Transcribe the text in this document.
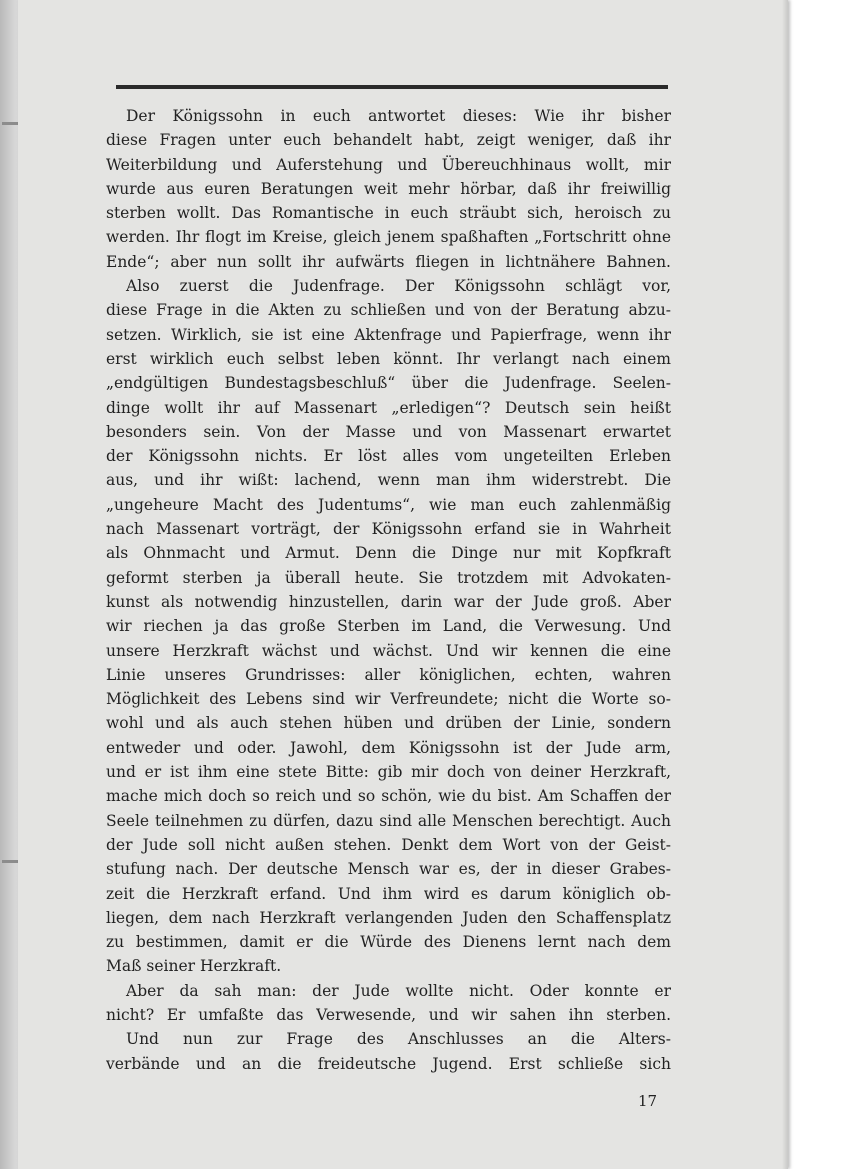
Der Königssohn in euch antwortet dieses: Wie ihr bisher
diese Fragen unter euch behandelt habt, zeigt weniger, daß ihr
Weiterbildung und Auferstehung und Übereuchhinaus wollt, mir
wurde aus euren Beratungen weit mehr hörbar, daß ihr freiwillig
sterben wollt. Das Romantische in euch sträubt sich, heroisch zu
werden. Ihr flogt im Kreise, gleich jenem spaßhaften „Fortschritt ohne
Ende“; aber nun sollt ihr aufwärts fliegen in lichtnähere Bahnen.
Also zuerst die Judenfrage. Der Königssohn schlägt vor,
diese Frage in die Akten zu schließen und von der Beratung abzu-
setzen. Wirklich, sie ist eine Aktenfrage und Papierfrage, wenn ihr
erst wirklich euch selbst leben könnt. Ihr verlangt nach einem
„endgültigen Bundestagsbeschluß“ über die Judenfrage. Seelen-
dinge wollt ihr auf Massenart „erledigen“? Deutsch sein heißt
besonders sein. Von der Masse und von Massenart erwartet
der Königssohn nichts. Er löst alles vom ungeteilten Erleben
aus, und ihr wißt: lachend, wenn man ihm widerstrebt. Die
„ungeheure Macht des Judentums“, wie man euch zahlenmäßig
nach Massenart vorträgt, der Königssohn erfand sie in Wahrheit
als Ohnmacht und Armut. Denn die Dinge nur mit Kopfkraft
geformt sterben ja überall heute. Sie trotzdem mit Advokaten-
kunst als notwendig hinzustellen, darin war der Jude groß. Aber
wir riechen ja das große Sterben im Land, die Verwesung. Und
unsere Herzkraft wächst und wächst. Und wir kennen die eine
Linie unseres Grundrisses: aller königlichen, echten, wahren
Möglichkeit des Lebens sind wir Verfreundete; nicht die Worte so-
wohl und als auch stehen hüben und drüben der Linie, sondern
entweder und oder. Jawohl, dem Königssohn ist der Jude arm,
und er ist ihm eine stete Bitte: gib mir doch von deiner Herzkraft,
mache mich doch so reich und so schön, wie du bist. Am Schaffen der
Seele teilnehmen zu dürfen, dazu sind alle Menschen berechtigt. Auch
der Jude soll nicht außen stehen. Denkt dem Wort von der Geist-
stufung nach. Der deutsche Mensch war es, der in dieser Grabes-
zeit die Herzkraft erfand. Und ihm wird es darum königlich ob-
liegen, dem nach Herzkraft verlangenden Juden den Schaffensplatz
zu bestimmen, damit er die Würde des Dienens lernt nach dem
Maß seiner Herzkraft.
Aber da sah man: der Jude wollte nicht. Oder konnte er
nicht? Er umfaßte das Verwesende, und wir sahen ihn sterben.
Und nun zur Frage des Anschlusses an die Alters-
verbände und an die freideutsche Jugend. Erst schließe sich
17
